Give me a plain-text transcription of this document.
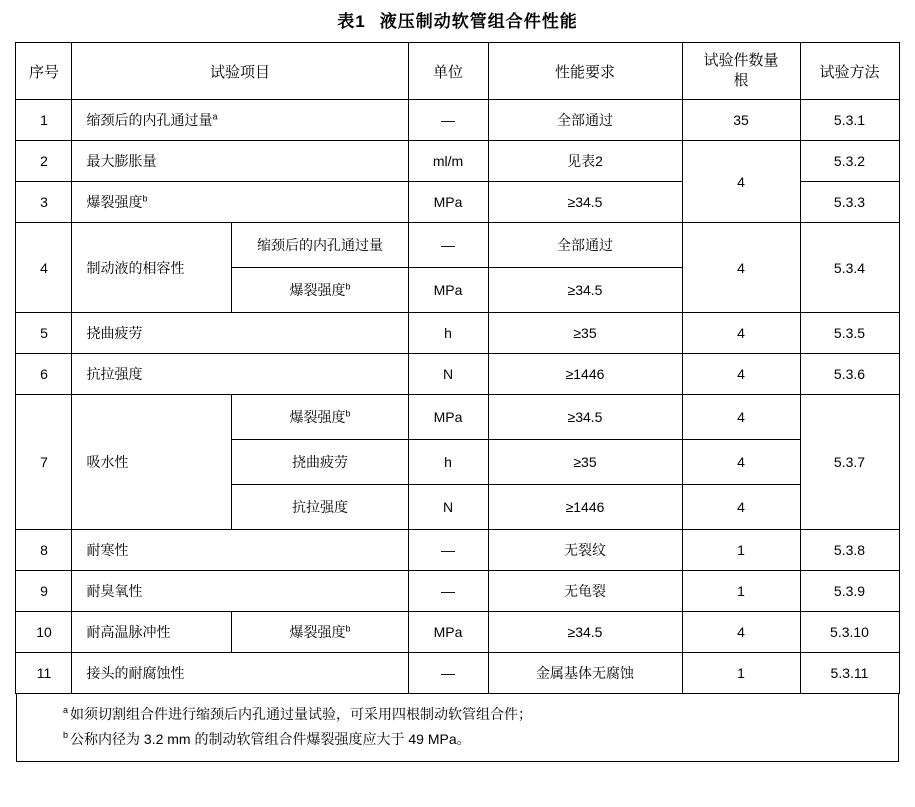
表1 液压制动软管组合件性能
序号	试验项目		单位	性能要求	试验件数量
根	试验方法
1	缩颈后的内孔通过量$^a$		—	全部通过	35	5.3.1
2	最大膨胀量		ml/m	见表2	4	5.3.2
3	爆裂强度$^b$		MPa	≥34.5		5.3.3
4	制动液的相容性	缩颈后的内孔通过量	—	全部通过	4	5.3.4
		爆裂强度$^b$	MPa	≥34.5		
5	挠曲疲劳		h	≥35	4	5.3.5
6	抗拉强度		N	≥1446	4	5.3.6
7	吸水性	爆裂强度$^b$	MPa	≥34.5	4	5.3.7
		挠曲疲劳	h	≥35	4	
		抗拉强度	N	≥1446	4	
8	耐寒性		—	无裂纹	1	5.3.8
9	耐臭氧性		—	无龟裂	1	5.3.9
10	耐高温脉冲性	爆裂强度$^b$	MPa	≥34.5	4	5.3.10
11	接头的耐腐蚀性		—	金属基体无腐蚀	1	5.3.11
$^a$ 如须切割组合件进行缩颈后内孔通过量试验，可采用四根制动软管组合件；
$^b$ 公称内径为 3.2 mm 的制动软管组合件爆裂强度应大于 49 MPa。
